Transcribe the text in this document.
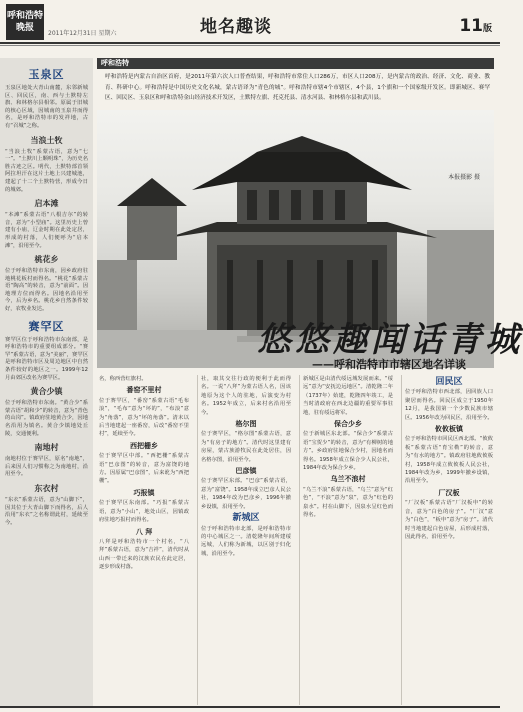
呼和浩特晚报
2011年12月31日 星期六	地名趣谈	11版
玉泉区
玉泉区地处大青山南麓，东邻新城区、回民区，南、西与土默特左旗、和林格尔县相邻。原属于旧城的核心区域，因城南的玉泉井而得名，是呼和浩特市的发祥地，古有“召城”之称。
当浪土牧
“当浪土牧”系蒙古语，意为“七一”。“土默川上颗明珠”，为历史名胜古迹之区。明代，土默特部首领阿拉坦汗在这片土地上兴建城池，建起了十二个土默特营，形成今日的城郊。
启本滩
“本滩”系蒙古语“八根吉尔”的转音，意为“小型庙”。这里历史上曾建有小庙，辽金时期在此处定居，形成的村落，人们便呼为“启本滩”，沿用至今。
桃花乡
位于呼和浩特市东南，因乡政府驻地桃花板村而得名。“桃花”系蒙古语“陶高”的转音，意为“前面”。因地理方位而得名。因地名沿用至今，后为乡名。桃花乡自然条件较好，农牧业发达。
赛罕区
赛罕区位于呼和浩特市东南部，是呼和浩特市的重要组成部分。“赛罕”系蒙古语，意为“美丽”，赛罕区是呼和浩特市区及周边地区中自然条件较好的地区之一。1999年12月由郊区改名为赛罕区。
黄合少镇
位于呼和浩特市东南。“黄合少”系蒙古语“胡和少”的转音，意为“青色的山岗”。镇政府驻地黄合少，因地名沿用为镇名。黄合少镇地处丘陵，交通便利。
南地村
南地村位于赛罕区，原名“南地”，后来因人们习惯称之为南地村，沿用至今。
东衣村
“东衣”系蒙古语，意为“山脚下”，因其位于大青山脚下而得名，后人沿用“东衣”之名称谓此村，延续至今。
呼和浩特
呼和浩特是内蒙古自治区首府，是2011年第六次人口普查结果，呼和浩特市常住人口286万，市区人口208万，是内蒙古的政治、经济、文化、商业、教育、科研中心。呼和浩特是中国历史文化名城，蒙古语译为“青色的城”。呼和浩特市辖4个市辖区，4个县，1个旗和一个国家级开发区。即新城区、赛罕区、回民区、玉泉区和呼和浩特金山经济技术开发区，土默特左旗、托克托县、清水河县、和林格尔县和武川县。
本报摄影 摄
悠悠趣闻话青城
——呼和浩特市市辖区地名详谈

名，称西营红旗村。

番窑不里村

位于赛罕区，“番窑”系蒙古语“毛布浪”，“毛布”意为“坏的”，“布浪”意为“角落”，意为“坏的角落”。清末以后当地建起一座番窑，后改“番窑不里村”，延续至今。

西把栅乡

位于赛罕区中部。“西把栅”系蒙古语“巴彦图”的转音，意为富饶的地方。因原属“巴彦图”，后来讹为“西把栅”。

巧报镇

位于赛罕区东南部。“巧报”系蒙古语，意为“小山”，地处山区，因镇政府驻地巧报村而得名。

八 拜

八拜是呼和浩特市一个村名，“八拜”系蒙古语，意为“吉祥”，清代时从山西一带迁来的汉族农民在此定居，逐步形成村落。

社，取其交往行政的便利于此而得名。一说“八拜”为蒙古语人名，因该地原为这个人的驻地，后演变为村名。1952年成立，后来村名沿用至今。

格尔图

位于赛罕区，“格尔图”系蒙古语，意为“有房子的地方”。清代时这里建有房屋，蒙古族游牧民在此处居住，因名格尔图，沿用至今。

巴彦镇

位于赛罕区东部。“巴彦”系蒙古语，意为“富饶”。1958年成立巴彦人民公社，1984年改为巴彦乡，1996年撤乡设镇，沿用至今。

新城区

位于呼和浩特市北部，是呼和浩特市的中心城区之一。清乾隆年间所建绥远城，人们称为新城，以区别于归化城，沿用至今。

新城区是由清代绥远城发展而来。“绥远”意为“安抚边远地区”。清乾隆二年（1737年）始建，乾隆四年竣工，是当时清政府在西北边疆的重要军事驻地，驻有绥远将军。

保合少乡

位于新城区东北部。“保合少”系蒙古语“宝贺少”的转音，意为“有柳树的地方”。乡政府驻地保合少村，因地名而得名。1958年成立保合少人民公社，1984年改为保合少乡。

乌兰不浪村

“乌兰不浪”系蒙古语，“乌兰”意为“红色”，“不浪”意为“泉”，意为“红色的泉水”。村在山脚下，因泉水呈红色而得名。

回民区

位于呼和浩特市西北部，因回族人口聚居而得名。回民区成立于1950年12月，是我国第一个少数民族市辖区。1956年改为回民区，沿用至今。

攸攸板镇

位于呼和浩特市回民区西北部。“攸攸板”系蒙古语“育宝勒”的转音，意为“有水的地方”。镇政府驻地攸攸板村，1958年成立攸攸板人民公社，1984年改为乡，1999年撤乡设镇，沿用至今。

厂汉板

“厂汉板”系蒙古语“厂汉板申”的转音，意为“白色的房子”。“厂汉”意为“白色”，“板申”意为“房子”。清代时当地建起白色房屋，后形成村落，因此得名，沿用至今。
